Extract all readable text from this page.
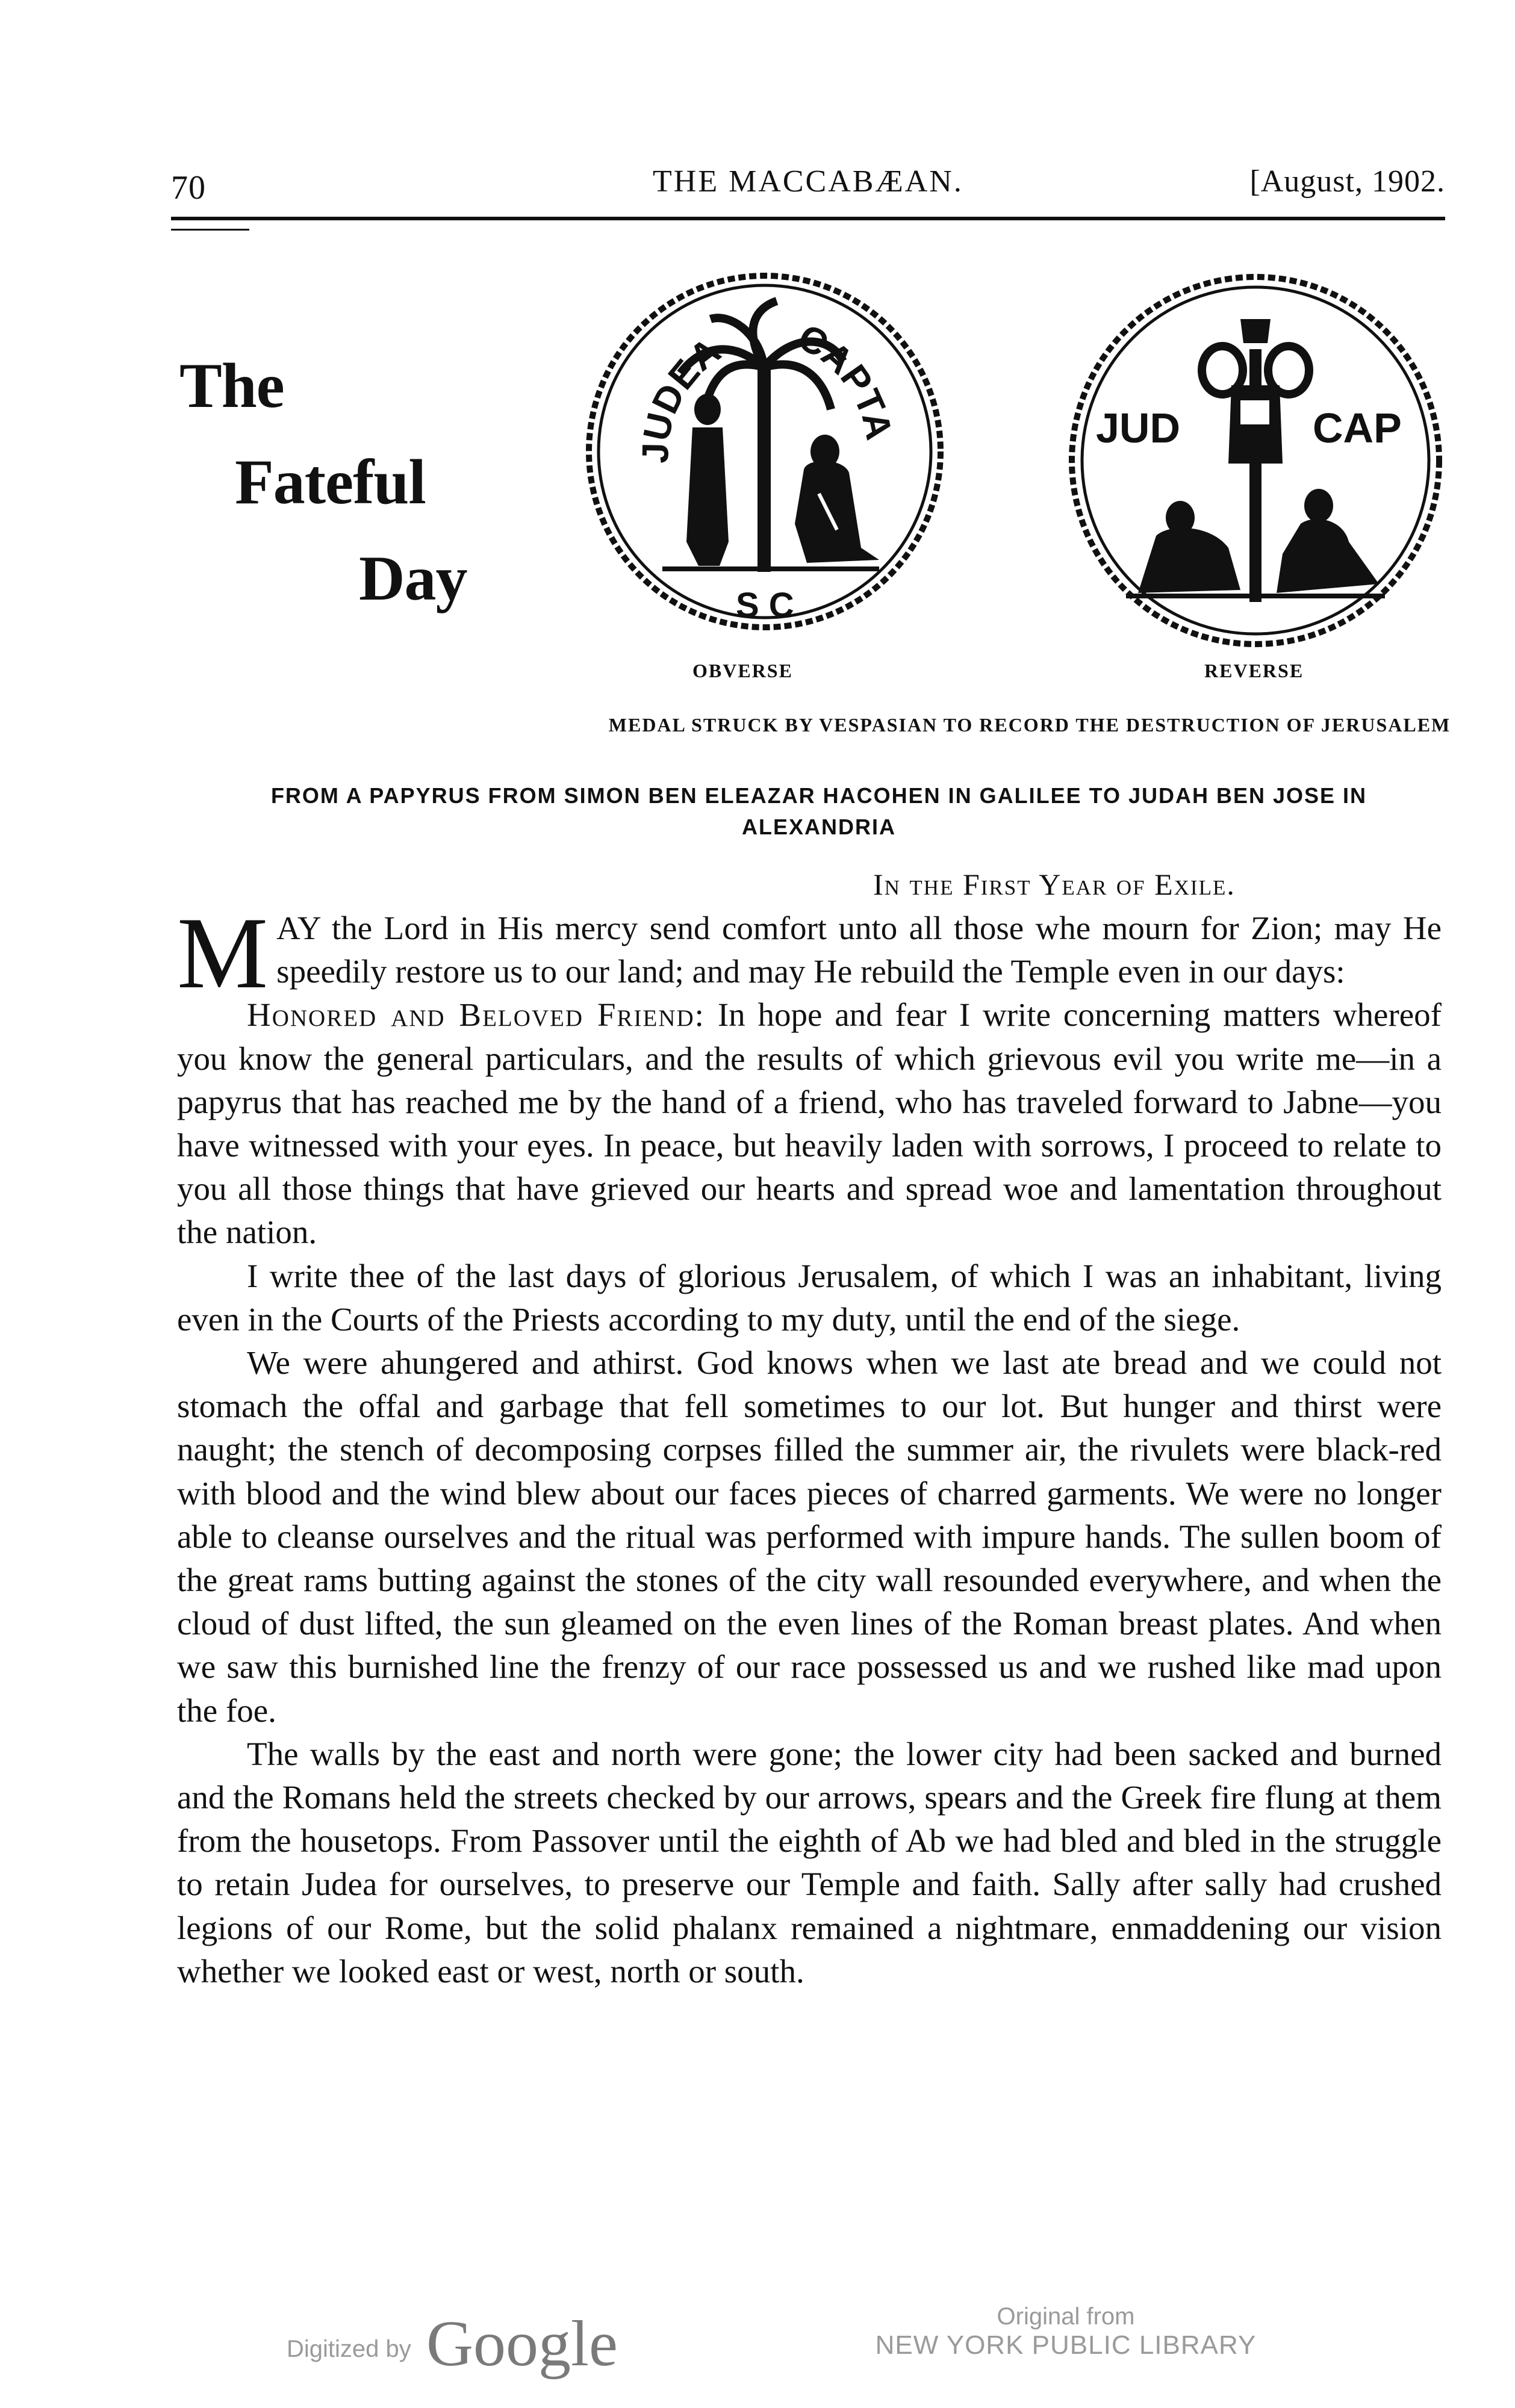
70	THE MACCABÆAN.	[August, 1902.
The
Fateful
Day
JUDEA CAPTA
S C
JUD	CAP
OBVERSE	REVERSE
MEDAL STRUCK BY VESPASIAN TO RECORD THE DESTRUCTION OF JERUSALEM
FROM A PAPYRUS FROM SIMON BEN ELEAZAR HACOHEN IN GALILEE TO JUDAH BEN JOSE IN ALEXANDRIA
In the First Year of Exile.

MAY the Lord in His mercy send comfort unto all those whe mourn for Zion; may He speedily restore us to our land; and may He rebuild the Temple even in our days:

Honored and Beloved Friend: In hope and fear I write concerning matters whereof you know the general particulars, and the results of which grievous evil you write me—in a papyrus that has reached me by the hand of a friend, who has traveled forward to Jabne—you have witnessed with your eyes. In peace, but heavily laden with sorrows, I proceed to relate to you all those things that have grieved our hearts and spread woe and lamentation throughout the nation.

I write thee of the last days of glorious Jerusalem, of which I was an inhabitant, living even in the Courts of the Priests according to my duty, until the end of the siege.

We were ahungered and athirst. God knows when we last ate bread and we could not stomach the offal and garbage that fell sometimes to our lot. But hunger and thirst were naught; the stench of decomposing corpses filled the summer air, the rivulets were black-red with blood and the wind blew about our faces pieces of charred garments. We were no longer able to cleanse ourselves and the ritual was performed with impure hands. The sullen boom of the great rams butting against the stones of the city wall resounded everywhere, and when the cloud of dust lifted, the sun gleamed on the even lines of the Roman breast plates. And when we saw this burnished line the frenzy of our race possessed us and we rushed like mad upon the foe.

The walls by the east and north were gone; the lower city had been sacked and burned and the Romans held the streets checked by our arrows, spears and the Greek fire flung at them from the housetops. From Passover until the eighth of Ab we had bled and bled in the struggle to retain Judea for ourselves, to preserve our Temple and faith. Sally after sally had crushed legions of our Rome, but the solid phalanx remained a nightmare, enmaddening our vision whether we looked east or west, north or south.

Digitized by Google	Original from
NEW YORK PUBLIC LIBRARY
